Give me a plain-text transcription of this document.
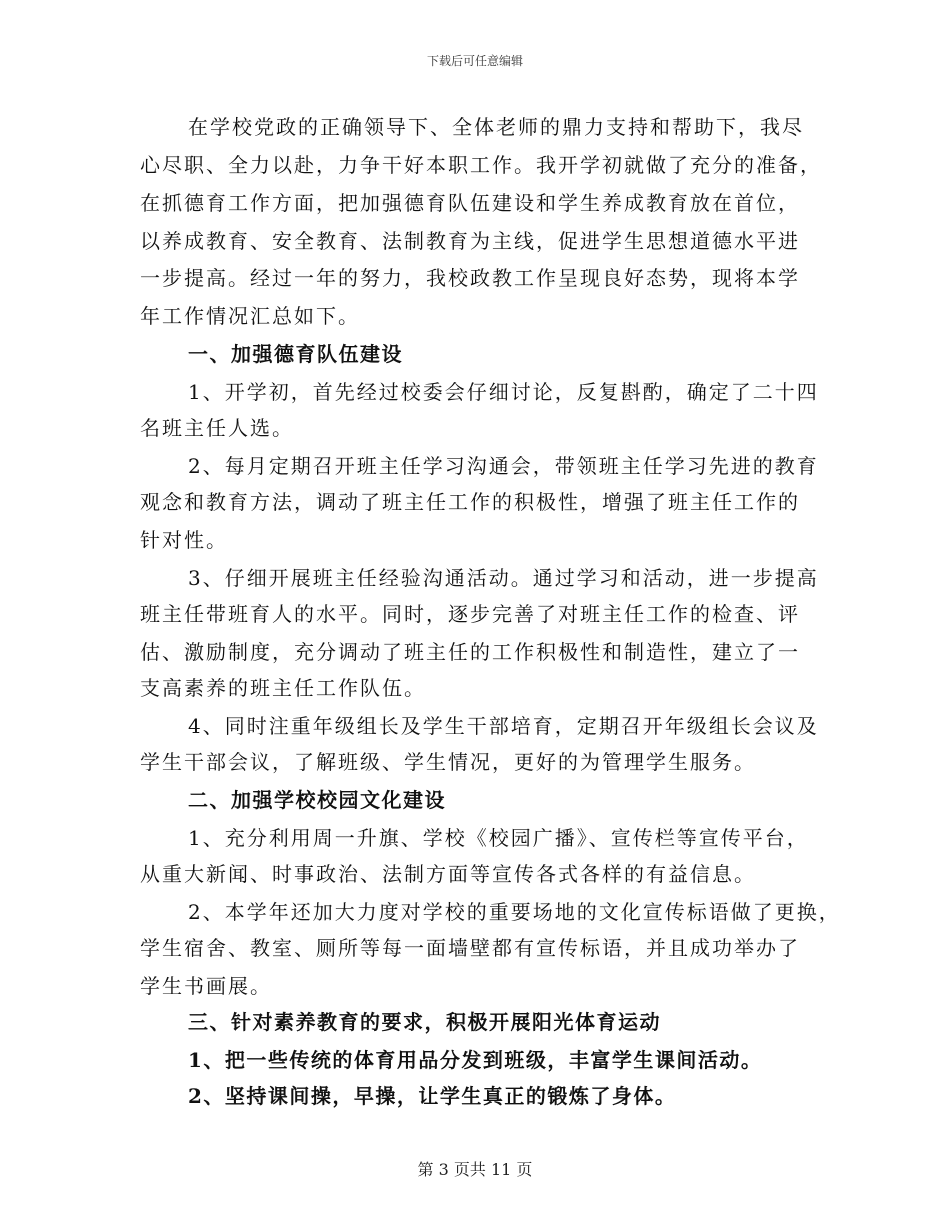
下载后可任意编辑
在学校党政的正确领导下、全体老师的鼎力支持和帮助下，我尽
心尽职、全力以赴，力争干好本职工作。我开学初就做了充分的准备，
在抓德育工作方面，把加强德育队伍建设和学生养成教育放在首位，
以养成教育、安全教育、法制教育为主线，促进学生思想道德水平进
一步提高。经过一年的努力，我校政教工作呈现良好态势，现将本学
年工作情况汇总如下。
一、加强德育队伍建设
1、开学初，首先经过校委会仔细讨论，反复斟酌，确定了二十四
名班主任人选。
2、每月定期召开班主任学习沟通会，带领班主任学习先进的教育
观念和教育方法，调动了班主任工作的积极性，增强了班主任工作的
针对性。
3、仔细开展班主任经验沟通活动。通过学习和活动，进一步提高
班主任带班育人的水平。同时，逐步完善了对班主任工作的检查、评
估、激励制度，充分调动了班主任的工作积极性和制造性，建立了一
支高素养的班主任工作队伍。
4、同时注重年级组长及学生干部培育，定期召开年级组长会议及
学生干部会议，了解班级、学生情况，更好的为管理学生服务。
二、加强学校校园文化建设
1、充分利用周一升旗、学校《校园广播》、宣传栏等宣传平台，
从重大新闻、时事政治、法制方面等宣传各式各样的有益信息。
2、本学年还加大力度对学校的重要场地的文化宣传标语做了更换，
学生宿舍、教室、厕所等每一面墙壁都有宣传标语，并且成功举办了
学生书画展。
三、针对素养教育的要求，积极开展阳光体育运动
1、把一些传统的体育用品分发到班级，丰富学生课间活动。
2、坚持课间操，早操，让学生真正的锻炼了身体。
第 3 页共 11 页
